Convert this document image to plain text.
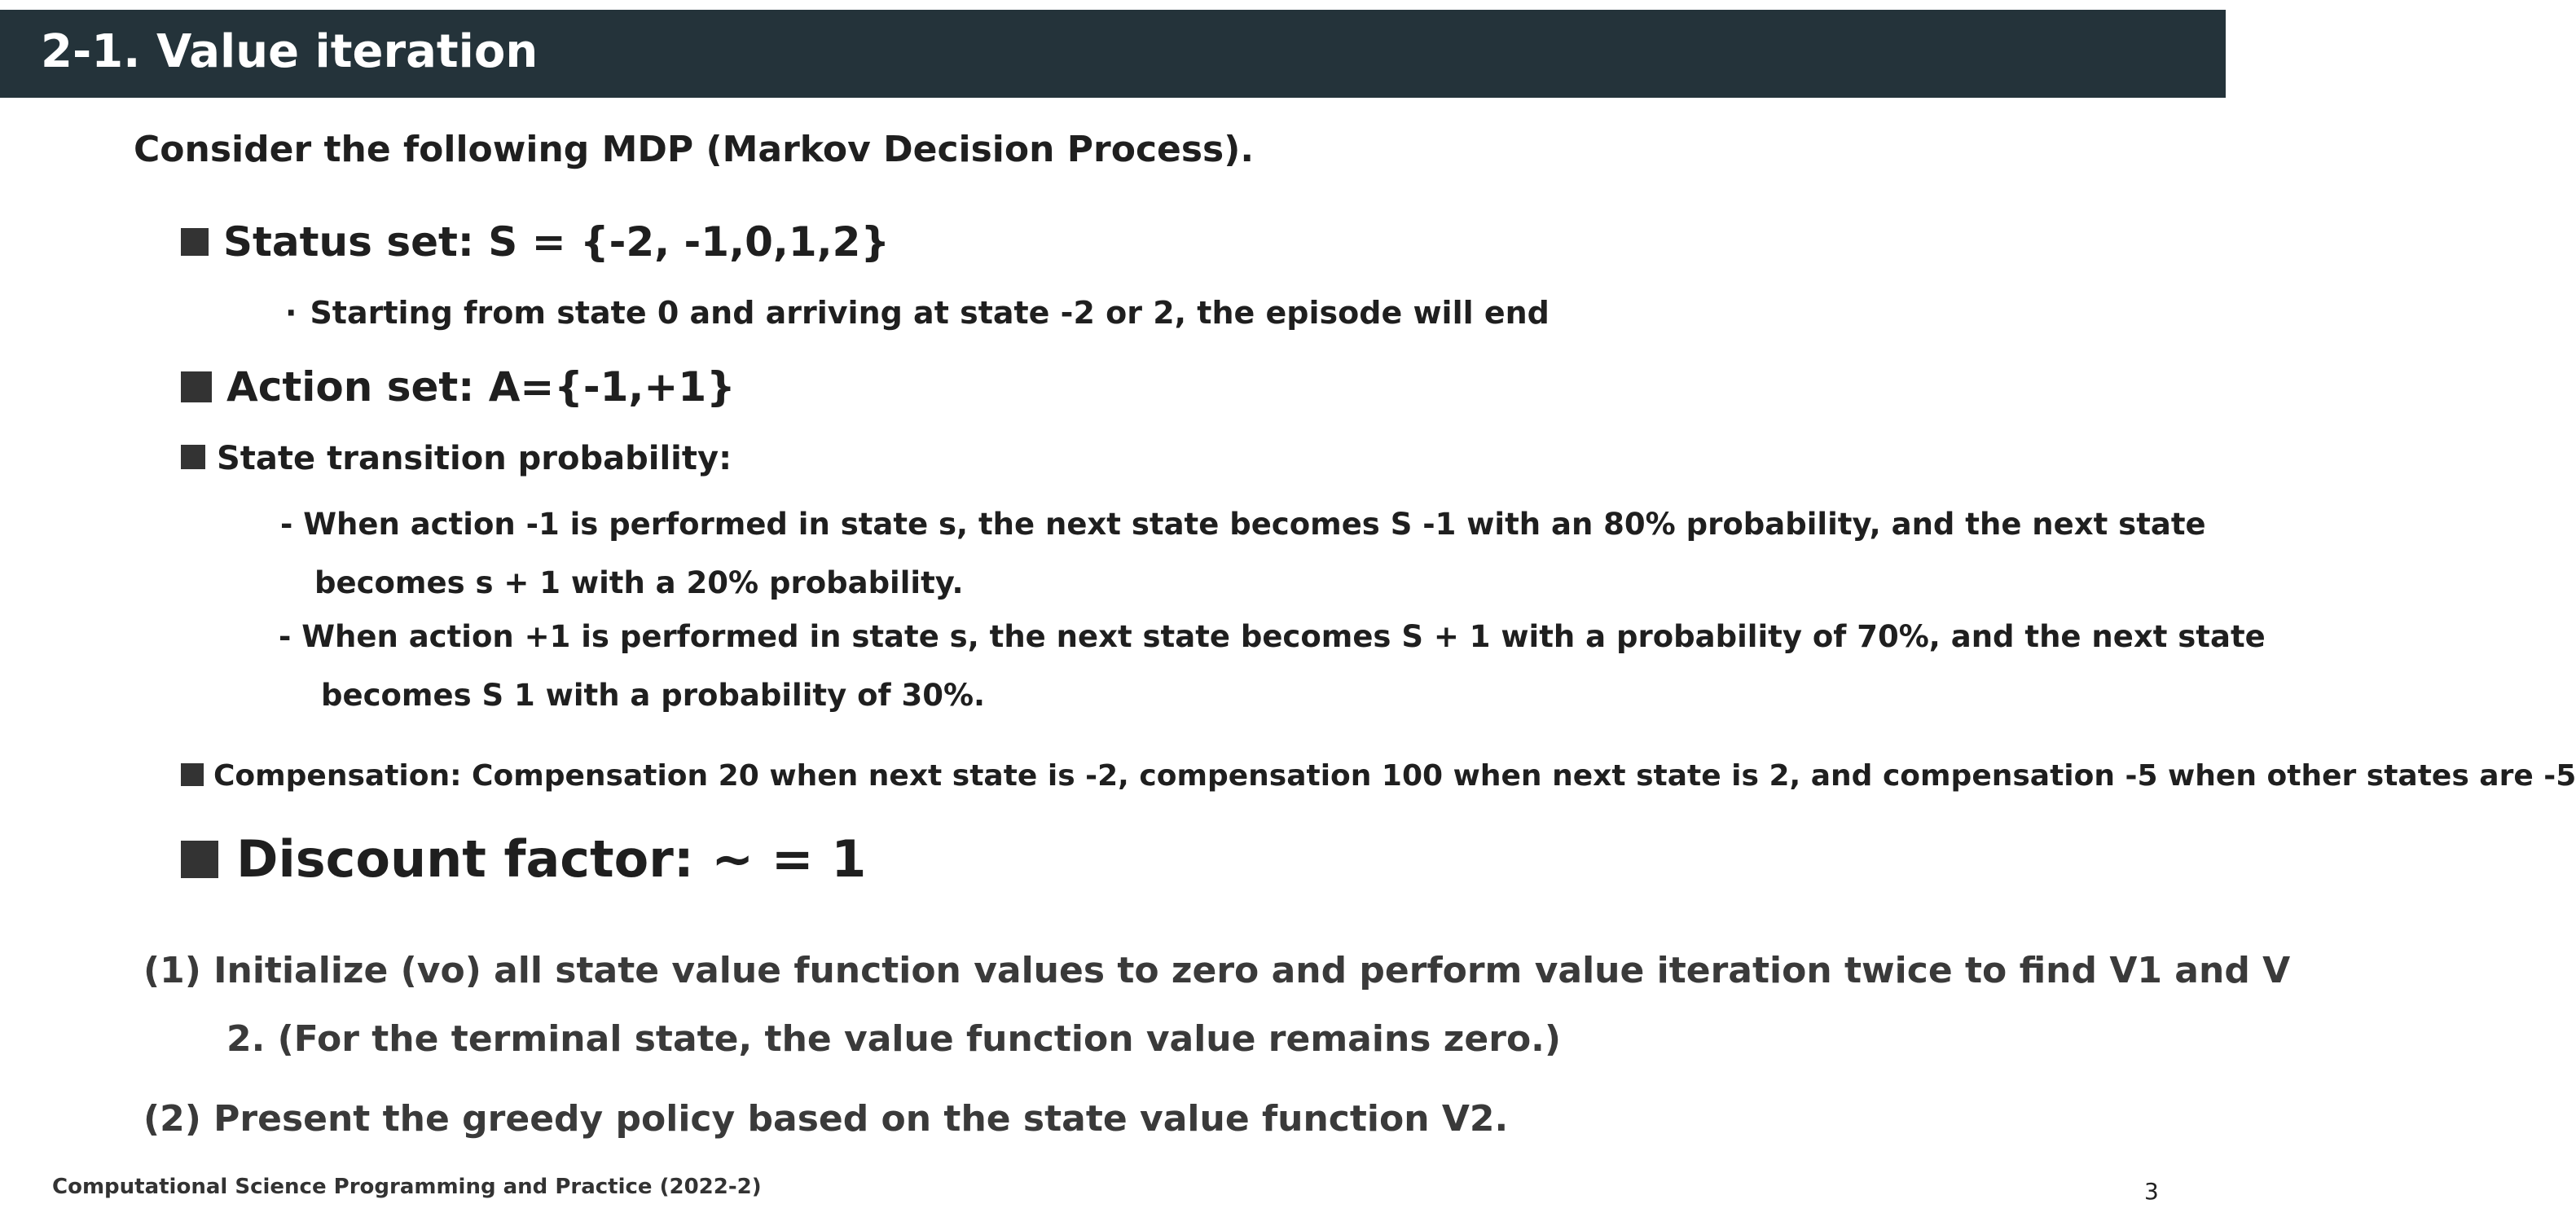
2-1. Value iteration
Consider the following MDP (Markov Decision Process).
Status set: S = {-2, -1,0,1,2}
· Starting from state 0 and arriving at state -2 or 2, the episode will end
Action set: A={-1,+1}
State transition probability:
- When action -1 is performed in state s, the next state becomes S -1 with an 80% probability, and the next state
becomes s + 1 with a 20% probability.
- When action +1 is performed in state s, the next state becomes S + 1 with a probability of 70%, and the next state
becomes S 1 with a probability of 30%.
Compensation: Compensation 20 when next state is -2, compensation 100 when next state is 2, and compensation -5 when other states are -5
Discount factor: ~ = 1
(1) Initialize (vo) all state value function values to zero and perform value iteration twice to find V1 and V
2. (For the terminal state, the value function value remains zero.)
(2) Present the greedy policy based on the state value function V2.
Computational Science Programming and Practice (2022-2)	3
